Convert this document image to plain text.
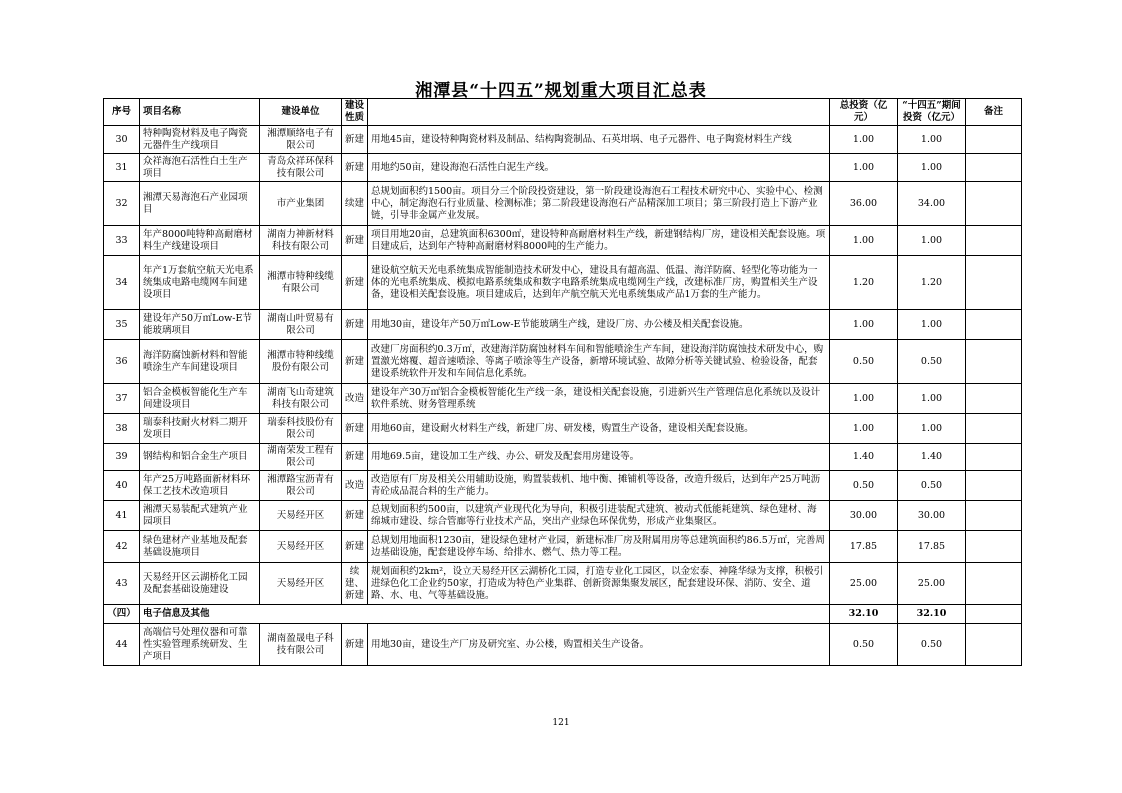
湘潭县“十四五”规划重大项目汇总表
序号	项目名称	建设单位	建设性质		总投资（亿元）	“十四五”期间投资（亿元）	备注
30	特种陶瓷材料及电子陶瓷元器件生产线项目	湘潭顺络电子有限公司	新建	用地45亩，建设特种陶瓷材料及制品、结构陶瓷制品、石英坩埚、电子元器件、电子陶瓷材料生产线	1.00	1.00	
31	众祥海泡石活性白土生产项目	青岛众祥环保科技有限公司	新建	用地约50亩，建设海泡石活性白泥生产线。	1.00	1.00	
32	湘潭天易海泡石产业园项目	市产业集团	续建	总规划面积约1500亩。项目分三个阶段投资建设，第一阶段建设海泡石工程技术研究中心、实验中心、检测中心，制定海泡石行业质量、检测标准；第二阶段建设海泡石产品精深加工项目；第三阶段打造上下游产业链，引导非金属产业发展。	36.00	34.00	
33	年产8000吨特种高耐磨材料生产线建设项目	湖南力神新材料科技有限公司	新建	项目用地20亩，总建筑面积6300㎡，建设特种高耐磨材料生产线，新建钢结构厂房，建设相关配套设施。项目建成后，达到年产特种高耐磨材料8000吨的生产能力。	1.00	1.00	
34	年产1万套航空航天光电系统集成电路电缆网车间建设项目	湘潭市特种线缆有限公司	新建	建设航空航天光电系统集成智能制造技术研发中心，建设具有超高温、低温、海洋防腐、轻型化等功能为一体的光电系统集成、模拟电路系统集成和数字电路系统集成电缆网生产线，改建标准厂房，购置相关生产设备，建设相关配套设施。项目建成后，达到年产航空航天光电系统集成产品1万套的生产能力。	1.20	1.20	
35	建设年产50万㎡Low-E节能玻璃项目	湖南山叶贸易有限公司	新建	用地30亩，建设年产50万㎡Low-E节能玻璃生产线，建设厂房、办公楼及相关配套设施。	1.00	1.00	
36	海洋防腐蚀新材料和智能喷涂生产车间建设项目	湘潭市特种线缆股份有限公司	新建	改建厂房面积约0.3万㎡，改建海洋防腐蚀材料车间和智能喷涂生产车间，建设海洋防腐蚀技术研发中心，购置激光熔覆、超音速喷涂、等离子喷涂等生产设备，新增环境试验、故障分析等关键试验、检验设备，配套建设系统软件开发和车间信息化系统。	0.50	0.50	
37	铝合金模板智能化生产车间建设项目	湖南飞山奇建筑科技有限公司	改造	建设年产30万㎡铝合金模板智能化生产线一条，建设相关配套设施，引进新兴生产管理信息化系统以及设计软件系统、财务管理系统	1.00	1.00	
38	瑞泰科技耐火材料二期开发项目	瑞泰科技股份有限公司	新建	用地60亩，建设耐火材料生产线，新建厂房、研发楼，购置生产设备，建设相关配套设施。	1.00	1.00	
39	钢结构和铝合金生产项目	湖南荣发工程有限公司	新建	用地69.5亩，建设加工生产线、办公、研发及配套用房建设等。	1.40	1.40	
40	年产25万吨路面新材料环保工艺技术改造项目	湘潭路宝沥青有限公司	改造	改造原有厂房及相关公用辅助设施，购置装载机、地中衡、摊铺机等设备，改造升级后，达到年产25万吨沥青砼成品混合料的生产能力。	0.50	0.50	
41	湘潭天易装配式建筑产业园项目	天易经开区	新建	总规划面积约500亩，以建筑产业现代化为导向，积极引进装配式建筑、被动式低能耗建筑、绿色建材、海绵城市建设、综合管廊等行业技术产品，突出产业绿色环保优势，形成产业集聚区。	30.00	30.00	
42	绿色建材产业基地及配套基础设施项目	天易经开区	新建	总规划用地面积1230亩，建设绿色建材产业园，新建标准厂房及附属用房等总建筑面积约86.5万㎡，完善周边基础设施，配套建设停车场、给排水、燃气、热力等工程。	17.85	17.85	
43	天易经开区云湖桥化工园及配套基础设施建设	天易经开区	续建、新建	规划面积约2km²，设立天易经开区云湖桥化工园，打造专业化工园区，以金宏泰、神隆华绿为支撑，积极引进绿色化工企业约50家，打造成为特色产业集群、创新资源集聚发展区，配套建设环保、消防、安全、道路、水、电、气等基础设施。	25.00	25.00	
（四）	电子信息及其他				32.10	32.10	
44	高端信号处理仪器和可靠性实验管理系统研发、生产项目	湖南盈晟电子科技有限公司	新建	用地30亩，建设生产厂房及研究室、办公楼，购置相关生产设备。	0.50	0.50	
121
